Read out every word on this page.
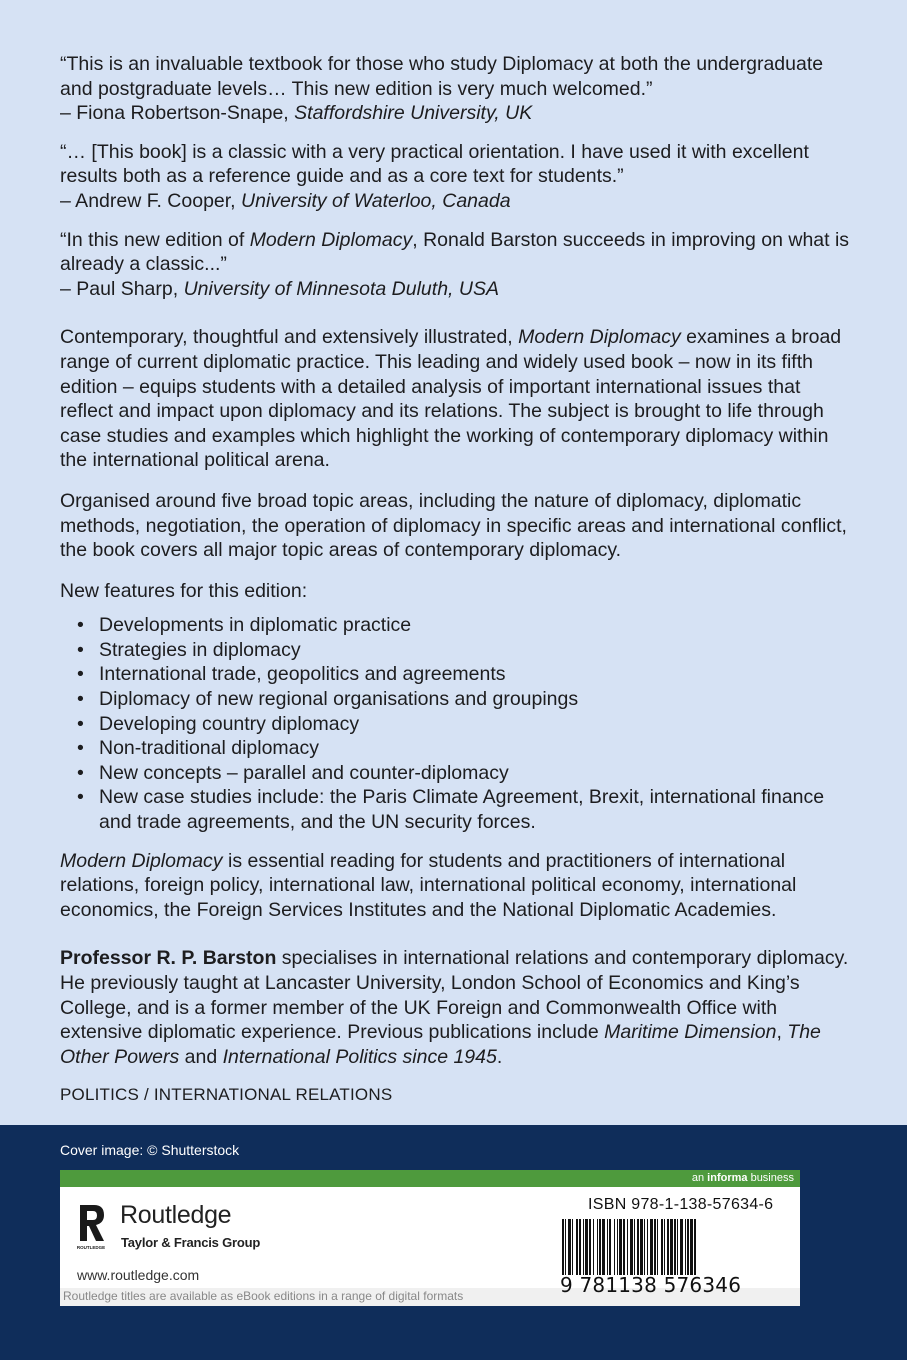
“This is an invaluable textbook for those who study Diplomacy at both the undergraduate and postgraduate levels… This new edition is very much welcomed.”
– Fiona Robertson-Snape, Staffordshire University, UK

“… [This book] is a classic with a very practical orientation. I have used it with excellent results both as a reference guide and as a core text for students.”
– Andrew F. Cooper, University of Waterloo, Canada

“In this new edition of Modern Diplomacy, Ronald Barston succeeds in improving on what is already a classic...”
– Paul Sharp, University of Minnesota Duluth, USA

Contemporary, thoughtful and extensively illustrated, Modern Diplomacy examines a broad range of current diplomatic practice. This leading and widely used book – now in its fifth edition – equips students with a detailed analysis of important international issues that reflect and impact upon diplomacy and its relations. The subject is brought to life through case studies and examples which highlight the working of contemporary diplomacy within the international political arena.

Organised around five broad topic areas, including the nature of diplomacy, diplomatic methods, negotiation, the operation of diplomacy in specific areas and international conflict, the book covers all major topic areas of contemporary diplomacy.

New features for this edition:

• Developments in diplomatic practice
• Strategies in diplomacy
• International trade, geopolitics and agreements
• Diplomacy of new regional organisations and groupings
• Developing country diplomacy
• Non-traditional diplomacy
• New concepts – parallel and counter-diplomacy
• New case studies include: the Paris Climate Agreement, Brexit, international finance and trade agreements, and the UN security forces.

Modern Diplomacy is essential reading for students and practitioners of international relations, foreign policy, international law, international political economy, international economics, the Foreign Services Institutes and the National Diplomatic Academies.

Professor R. P. Barston specialises in international relations and contemporary diplomacy. He previously taught at Lancaster University, London School of Economics and King’s College, and is a former member of the UK Foreign and Commonwealth Office with extensive diplomatic experience. Previous publications include Maritime Dimension, The Other Powers and International Politics since 1945.

POLITICS / INTERNATIONAL RELATIONS

Cover image: © Shutterstock
an informa business
ROUTLEDGE
Routledge
Taylor & Francis Group
www.routledge.com
Routledge titles are available as eBook editions in a range of digital formats
ISBN 978-1-138-57634-6
9 781138 576346
